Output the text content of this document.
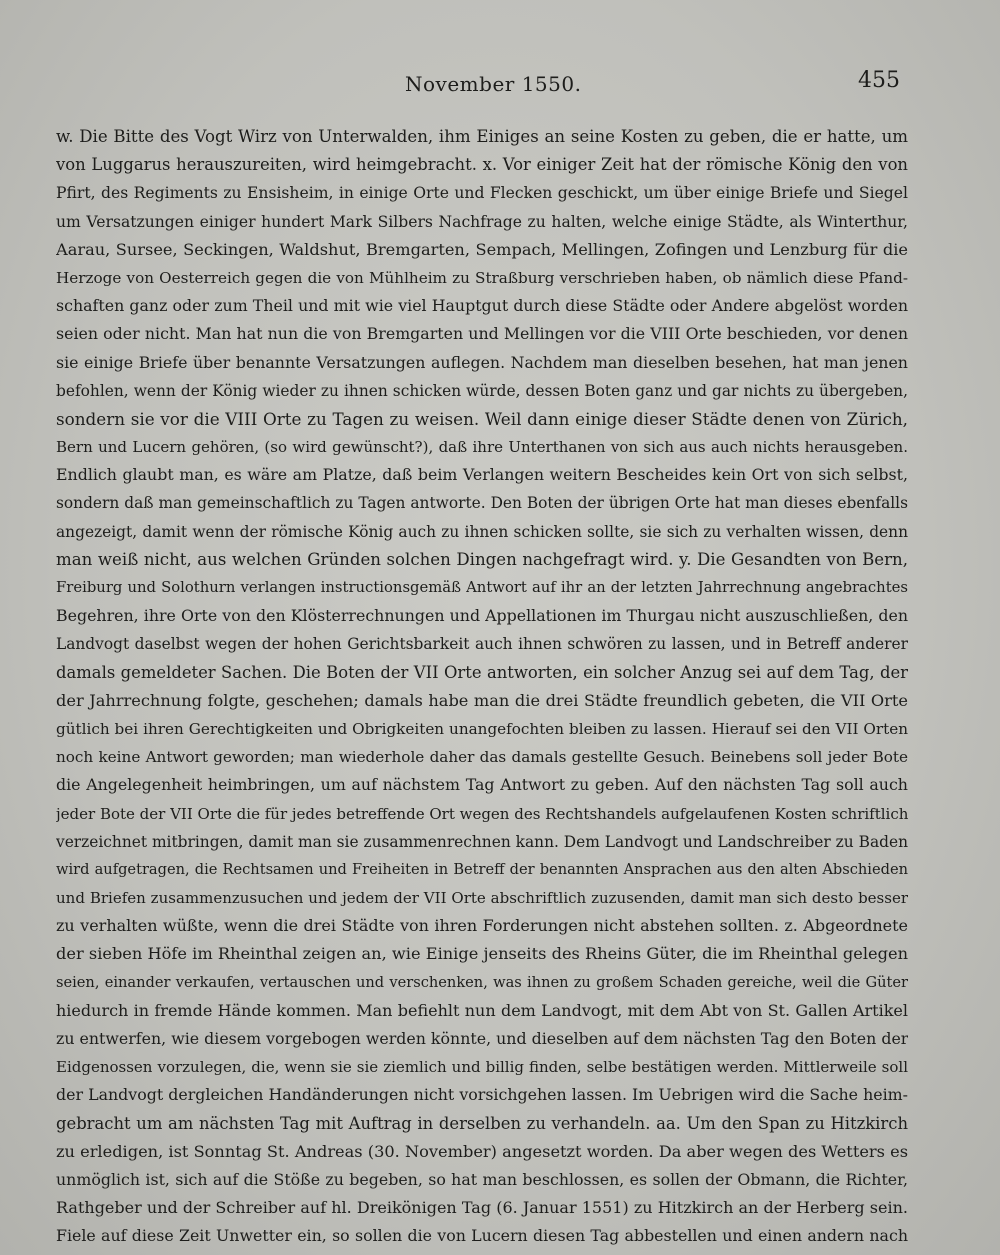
November 1550.	455
w. Die Bitte des Vogt Wirz von Unterwalden, ihm Einiges an seine Kosten zu geben, die er hatte, um
von Luggarus herauszureiten, wird heimgebracht. x. Vor einiger Zeit hat der römische König den von
Pfirt, des Regiments zu Ensisheim, in einige Orte und Flecken geschickt, um über einige Briefe und Siegel
um Versatzungen einiger hundert Mark Silbers Nachfrage zu halten, welche einige Städte, als Winterthur,
Aarau, Sursee, Seckingen, Waldshut, Bremgarten, Sempach, Mellingen, Zofingen und Lenzburg für die
Herzoge von Oesterreich gegen die von Mühlheim zu Straßburg verschrieben haben, ob nämlich diese Pfand-
schaften ganz oder zum Theil und mit wie viel Hauptgut durch diese Städte oder Andere abgelöst worden
seien oder nicht. Man hat nun die von Bremgarten und Mellingen vor die VIII Orte beschieden, vor denen
sie einige Briefe über benannte Versatzungen auflegen. Nachdem man dieselben besehen, hat man jenen
befohlen, wenn der König wieder zu ihnen schicken würde, dessen Boten ganz und gar nichts zu übergeben,
sondern sie vor die VIII Orte zu Tagen zu weisen. Weil dann einige dieser Städte denen von Zürich,
Bern und Lucern gehören, (so wird gewünscht?), daß ihre Unterthanen von sich aus auch nichts herausgeben.
Endlich glaubt man, es wäre am Platze, daß beim Verlangen weitern Bescheides kein Ort von sich selbst,
sondern daß man gemeinschaftlich zu Tagen antworte. Den Boten der übrigen Orte hat man dieses ebenfalls
angezeigt, damit wenn der römische König auch zu ihnen schicken sollte, sie sich zu verhalten wissen, denn
man weiß nicht, aus welchen Gründen solchen Dingen nachgefragt wird. y. Die Gesandten von Bern,
Freiburg und Solothurn verlangen instructionsgemäß Antwort auf ihr an der letzten Jahrrechnung angebrachtes
Begehren, ihre Orte von den Klösterrechnungen und Appellationen im Thurgau nicht auszuschließen, den
Landvogt daselbst wegen der hohen Gerichtsbarkeit auch ihnen schwören zu lassen, und in Betreff anderer
damals gemeldeter Sachen. Die Boten der VII Orte antworten, ein solcher Anzug sei auf dem Tag, der
der Jahrrechnung folgte, geschehen; damals habe man die drei Städte freundlich gebeten, die VII Orte
gütlich bei ihren Gerechtigkeiten und Obrigkeiten unangefochten bleiben zu lassen. Hierauf sei den VII Orten
noch keine Antwort geworden; man wiederhole daher das damals gestellte Gesuch. Beinebens soll jeder Bote
die Angelegenheit heimbringen, um auf nächstem Tag Antwort zu geben. Auf den nächsten Tag soll auch
jeder Bote der VII Orte die für jedes betreffende Ort wegen des Rechtshandels aufgelaufenen Kosten schriftlich
verzeichnet mitbringen, damit man sie zusammenrechnen kann. Dem Landvogt und Landschreiber zu Baden
wird aufgetragen, die Rechtsamen und Freiheiten in Betreff der benannten Ansprachen aus den alten Abschieden
und Briefen zusammenzusuchen und jedem der VII Orte abschriftlich zuzusenden, damit man sich desto besser
zu verhalten wüßte, wenn die drei Städte von ihren Forderungen nicht abstehen sollten. z. Abgeordnete
der sieben Höfe im Rheinthal zeigen an, wie Einige jenseits des Rheins Güter, die im Rheinthal gelegen
seien, einander verkaufen, vertauschen und verschenken, was ihnen zu großem Schaden gereiche, weil die Güter
hiedurch in fremde Hände kommen. Man befiehlt nun dem Landvogt, mit dem Abt von St. Gallen Artikel
zu entwerfen, wie diesem vorgebogen werden könnte, und dieselben auf dem nächsten Tag den Boten der
Eidgenossen vorzulegen, die, wenn sie sie ziemlich und billig finden, selbe bestätigen werden. Mittlerweile soll
der Landvogt dergleichen Handänderungen nicht vorsichgehen lassen. Im Uebrigen wird die Sache heim-
gebracht um am nächsten Tag mit Auftrag in derselben zu verhandeln. aa. Um den Span zu Hitzkirch
zu erledigen, ist Sonntag St. Andreas (30. November) angesetzt worden. Da aber wegen des Wetters es
unmöglich ist, sich auf die Stöße zu begeben, so hat man beschlossen, es sollen der Obmann, die Richter,
Rathgeber und der Schreiber auf hl. Dreikönigen Tag (6. Januar 1551) zu Hitzkirch an der Herberg sein.
Fiele auf diese Zeit Unwetter ein, so sollen die von Lucern diesen Tag abbestellen und einen andern nach
